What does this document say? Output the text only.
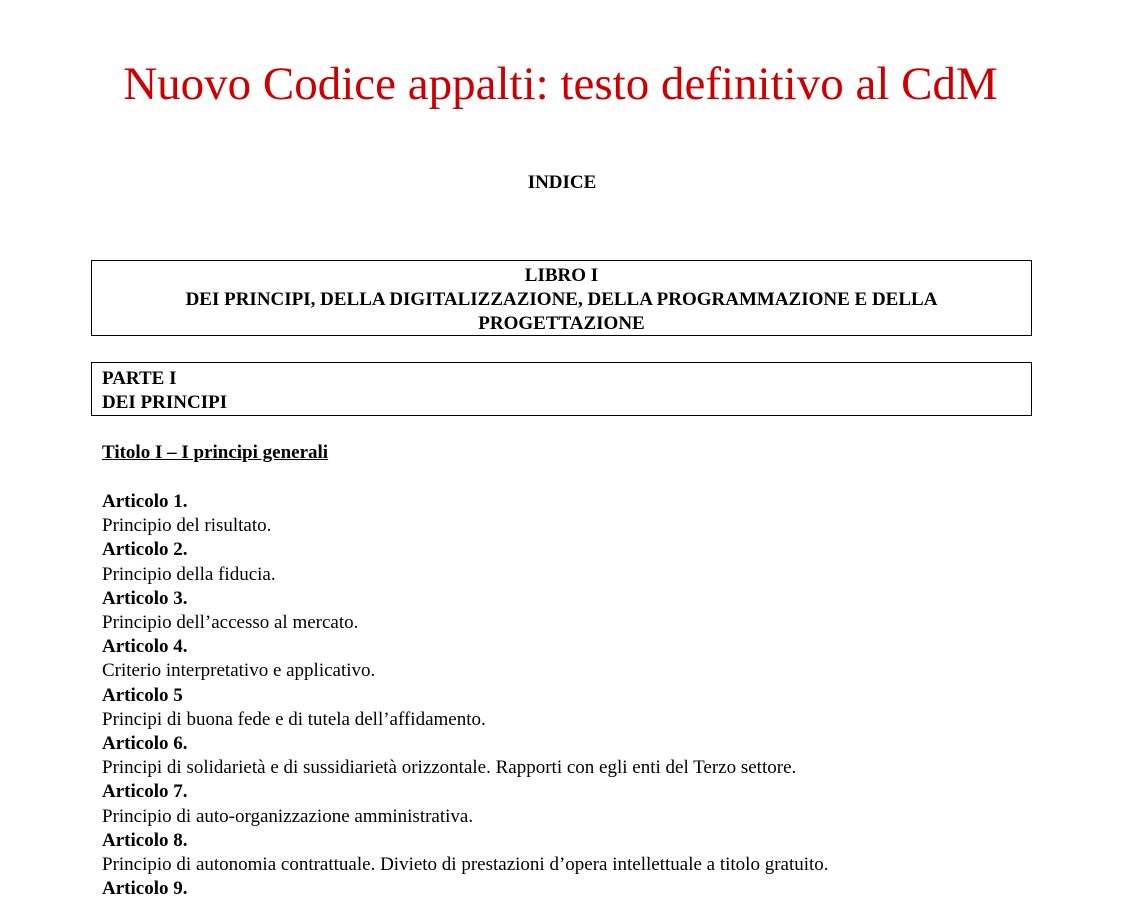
Nuovo Codice appalti: testo definitivo al CdM
INDICE
LIBRO I
DEI PRINCIPI, DELLA DIGITALIZZAZIONE, DELLA PROGRAMMAZIONE E DELLA
PROGETTAZIONE
PARTE I
DEI PRINCIPI
Titolo I – I principi generali
Articolo 1.
Principio del risultato.
Articolo 2.
Principio della fiducia.
Articolo 3.
Principio dell’accesso al mercato.
Articolo 4.
Criterio interpretativo e applicativo.
Articolo 5
Principi di buona fede e di tutela dell’affidamento.
Articolo 6.
Principi di solidarietà e di sussidiarietà orizzontale. Rapporti con egli enti del Terzo settore.
Articolo 7.
Principio di auto-organizzazione amministrativa.
Articolo 8.
Principio di autonomia contrattuale. Divieto di prestazioni d’opera intellettuale a titolo gratuito.
Articolo 9.
